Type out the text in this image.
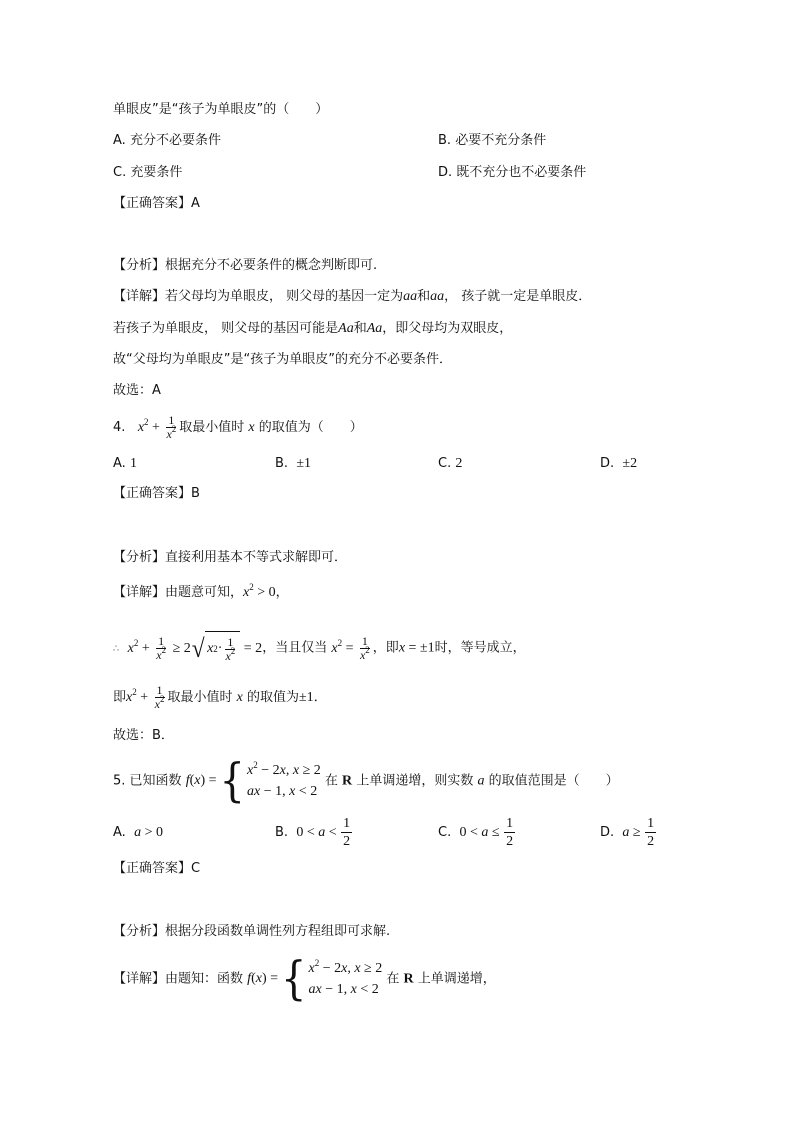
单眼皮”是“孩子为单眼皮”的（　　）
A. 充分不必要条件	B. 必要不充分条件
C. 充要条件	D. 既不充分也不必要条件
【正确答案】A
【分析】根据充分不必要条件的概念判断即可.
【详解】若父母均为单眼皮， 则父母的基因一定为aa和aa， 孩子就一定是单眼皮．
若孩子为单眼皮， 则父母的基因可能是Aa和Aa，即父母均为双眼皮，
故“父母均为单眼皮”是“孩子为单眼皮”的充分不必要条件．
故选：A
4. $x^2 + \frac{1}{x^2}$ 取最小值时 x 的取值为（　　）
A. 1	B. ±1	C. 2	D. ±2
【正确答案】B
【分析】直接利用基本不等式求解即可．
【详解】由题意可知，$x^2 > 0$，
∴ $x^2 + \frac{1}{x^2} \ge 2$ √ x $2 \cdot \frac{1}{x^2} = 2$，当且仅当 $x^2 = \frac{1}{x^2}$ ，即x = ±1时，等号成立，
即$x^2 + \frac{1}{x^2}$ 取最小值时 x 的取值为±1．
故选：B．
5. 已知函数 f(x) = { $x^2 - 2x$, x ≥ 2
ax − 1, x < 2
在 R 上单调递增，则实数 a 的取值范围是（　　）
A. a > 0	B. $0 < a < \frac{1}{2}$	C. $0 < a \le \frac{1}{2}$	D. $a \ge \frac{1}{2}$
【正确答案】C
【分析】根据分段函数单调性列方程组即可求解.
【详解】由题知：函数 f(x) = { $x^2 - 2x$, x ≥ 2
ax − 1, x < 2
在 R 上单调递增，
